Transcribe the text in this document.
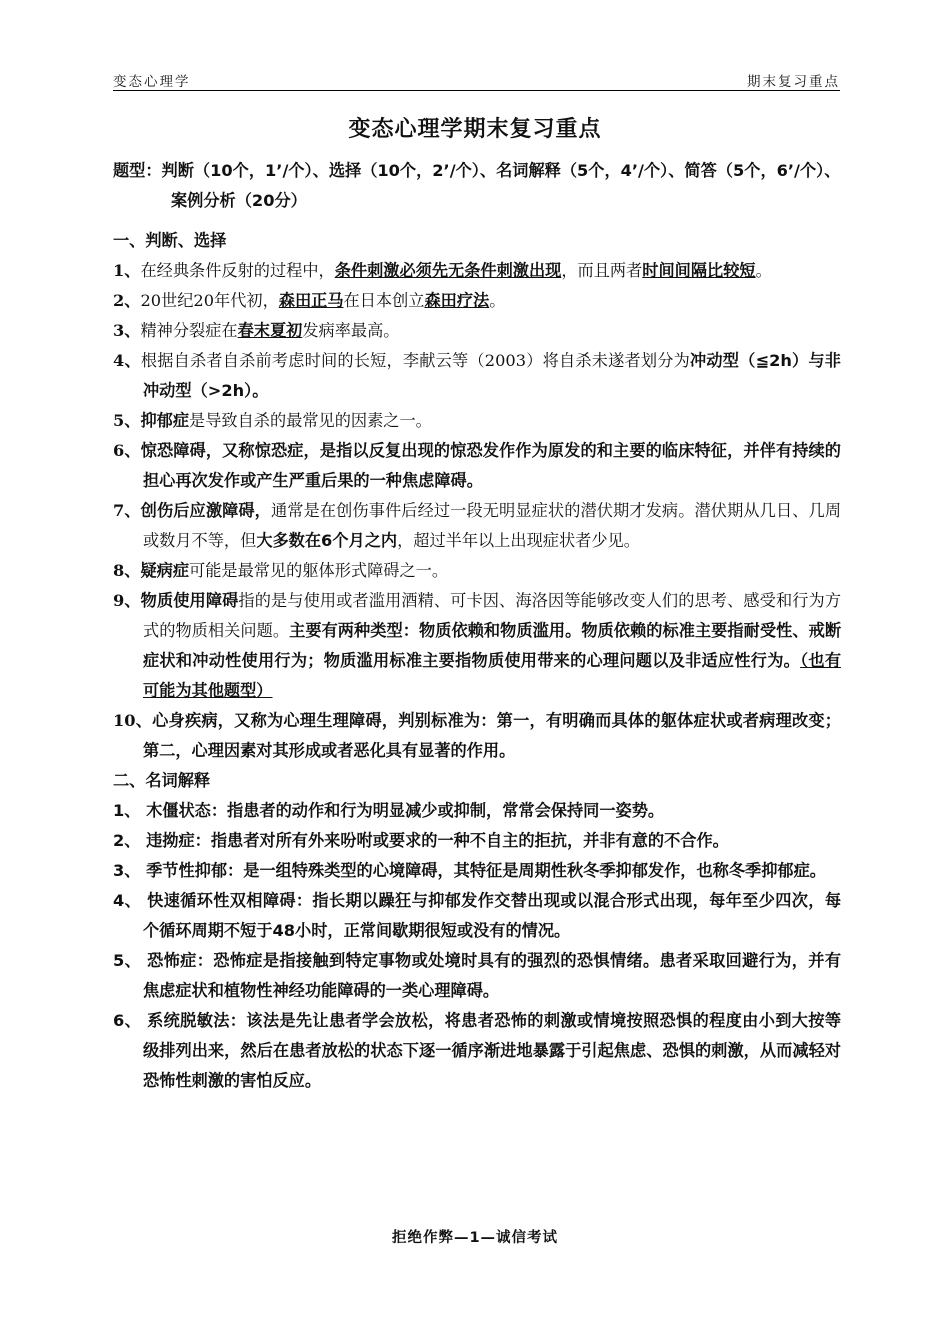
变态心理学	期末复习重点
变态心理学期末复习重点

题型：判断（10个，1’/个）、选择（10个，2’/个）、名词解释（5个，4’/个）、简答（5个，6’/个）、案例分析（20分）

一、判断、选择

1、在经典条件反射的过程中，条件刺激必须先无条件刺激出现，而且两者时间间隔比较短。

2、20世纪20年代初，森田正马在日本创立森田疗法。

3、精神分裂症在春末夏初发病率最高。

4、根据自杀者自杀前考虑时间的长短，李献云等（2003）将自杀未遂者划分为冲动型（≦2h）与非冲动型（>2h）。

5、抑郁症是导致自杀的最常见的因素之一。

6、惊恐障碍，又称惊恐症，是指以反复出现的惊恐发作作为原发的和主要的临床特征，并伴有持续的担心再次发作或产生严重后果的一种焦虑障碍。

7、创伤后应激障碍，通常是在创伤事件后经过一段无明显症状的潜伏期才发病。潜伏期从几日、几周或数月不等，但大多数在6个月之内，超过半年以上出现症状者少见。

8、疑病症可能是最常见的躯体形式障碍之一。

9、物质使用障碍指的是与使用或者滥用酒精、可卡因、海洛因等能够改变人们的思考、感受和行为方式的物质相关问题。主要有两种类型：物质依赖和物质滥用。物质依赖的标准主要指耐受性、戒断症状和冲动性使用行为；物质滥用标准主要指物质使用带来的心理问题以及非适应性行为。（也有可能为其他题型）

10、心身疾病，又称为心理生理障碍，判别标准为：第一，有明确而具体的躯体症状或者病理改变；第二，心理因素对其形成或者恶化具有显著的作用。

二、名词解释

1、 木僵状态：指患者的动作和行为明显减少或抑制，常常会保持同一姿势。

2、 违拗症：指患者对所有外来吩咐或要求的一种不自主的拒抗，并非有意的不合作。

3、 季节性抑郁：是一组特殊类型的心境障碍，其特征是周期性秋冬季抑郁发作，也称冬季抑郁症。

4、 快速循环性双相障碍：指长期以躁狂与抑郁发作交替出现或以混合形式出现，每年至少四次，每个循环周期不短于48小时，正常间歇期很短或没有的情况。

5、 恐怖症：恐怖症是指接触到特定事物或处境时具有的强烈的恐惧情绪。患者采取回避行为，并有焦虑症状和植物性神经功能障碍的一类心理障碍。

6、 系统脱敏法：该法是先让患者学会放松，将患者恐怖的刺激或情境按照恐惧的程度由小到大按等级排列出来，然后在患者放松的状态下逐一循序渐进地暴露于引起焦虑、恐惧的刺激，从而减轻对恐怖性刺激的害怕反应。

拒绝作弊—1—诚信考试
